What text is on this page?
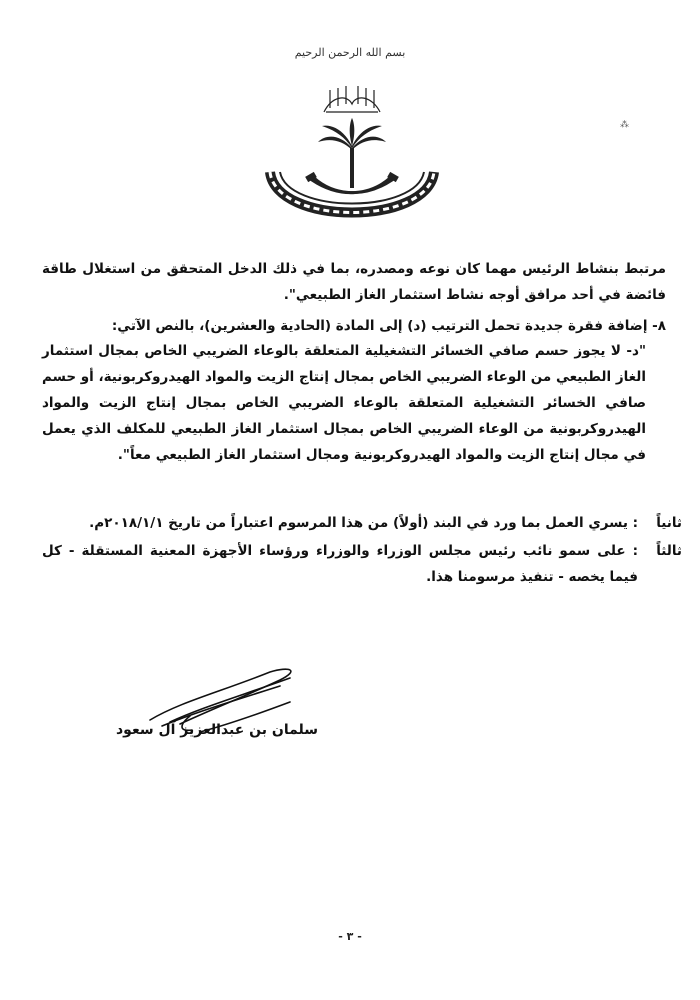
بسم الله الرحمن الرحيم
⁂
مرتبط بنشاط الرئيس مهما كان نوعه ومصدره، بما في ذلك الدخل المتحقق من استغلال طاقة فائضة في أحد مرافق أوجه نشاط استثمار الغاز الطبيعي".
٨- إضافة فقرة جديدة تحمل الترتيب (د) إلى المادة (الحادية والعشرين)، بالنص الآتي:
"د- لا يجوز حسم صافي الخسائر التشغيلية المتعلقة بالوعاء الضريبي الخاص بمجال استثمار الغاز الطبيعي من الوعاء الضريبي الخاص بمجال إنتاج الزيت والمواد الهيدروكربونية، أو حسم صافي الخسائر التشغيلية المتعلقة بالوعاء الضريبي الخاص بمجال إنتاج الزيت والمواد الهيدروكربونية من الوعاء الضريبي الخاص بمجال استثمار الغاز الطبيعي للمكلف الذي يعمل في مجال إنتاج الزيت والمواد الهيدروكربونية ومجال استثمار الغاز الطبيعي معاً".
ثانياً
: يسري العمل بما ورد في البند (أولاً) من هذا المرسوم اعتباراً من تاريخ ٢٠١٨/١/١م.
ثالثاً
: على سمو نائب رئيس مجلس الوزراء والوزراء ورؤساء الأجهزة المعنية المستقلة - كل فيما يخصه - تنفيذ مرسومنا هذا.
سلمان بن عبدالعزيز آل سعود
- ٣ -
